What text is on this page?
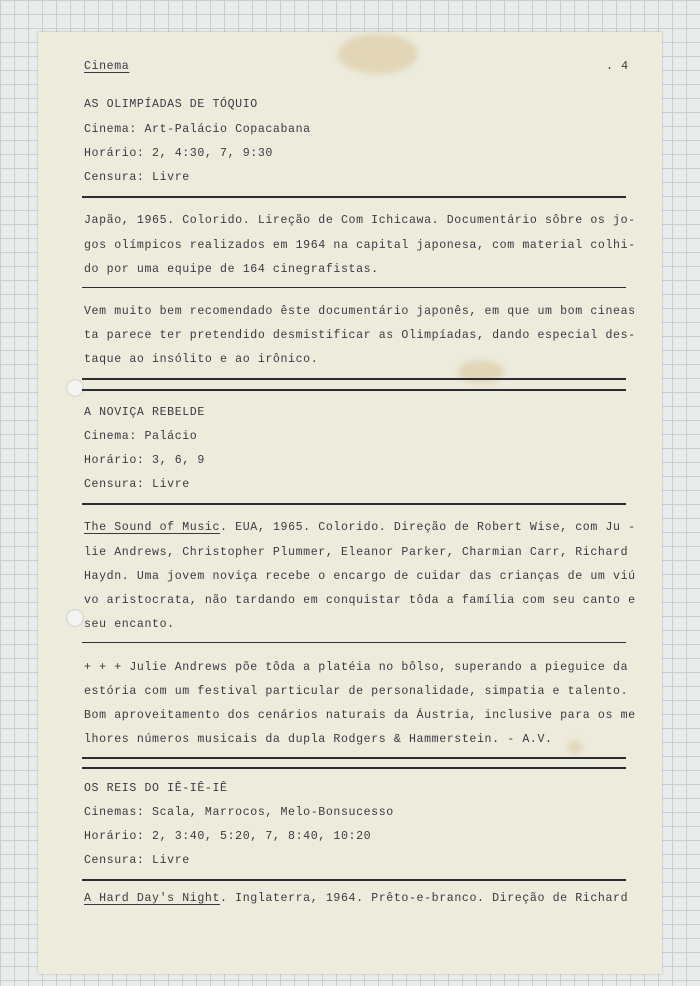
Cinema	. 4
AS OLIMPÍADAS DE TÓQUIO
Cinema: Art-Palácio Copacabana
Horário: 2, 4:30, 7, 9:30
Censura: Livre
Japão, 1965. Colorido. Lireção de Com Ichicawa. Documentário sôbre os jo-
gos olímpicos realizados em 1964 na capital japonesa, com material colhi-
do por uma equipe de 164 cinegrafistas.
Vem muito bem recomendado êste documentário japonês, em que um bom cineas
ta parece ter pretendido desmistificar as Olimpíadas, dando especial des-
taque ao insólito e ao irônico.
A NOVIÇA REBELDE
Cinema: Palácio
Horário: 3, 6, 9
Censura: Livre
The Sound of Music. EUA, 1965. Colorido. Direção de Robert Wise, com Ju -
lie Andrews, Christopher Plummer, Eleanor Parker, Charmian Carr, Richard
Haydn. Uma jovem noviça recebe o encargo de cuidar das crianças de um viú
vo aristocrata, não tardando em conquistar tôda a família com seu canto e
seu encanto.
+ + + Julie Andrews põe tôda a platéia no bôlso, superando a pieguice da
estória com um festival particular de personalidade, simpatia e talento.
Bom aproveitamento dos cenários naturais da Áustria, inclusive para os me
lhores números musicais da dupla Rodgers & Hammerstein. - A.V.
OS REIS DO IÊ-IÊ-IÊ
Cinemas: Scala, Marrocos, Melo-Bonsucesso
Horário: 2, 3:40, 5:20, 7, 8:40, 10:20
Censura: Livre
A Hard Day's Night. Inglaterra, 1964. Prêto-e-branco. Direção de Richard
